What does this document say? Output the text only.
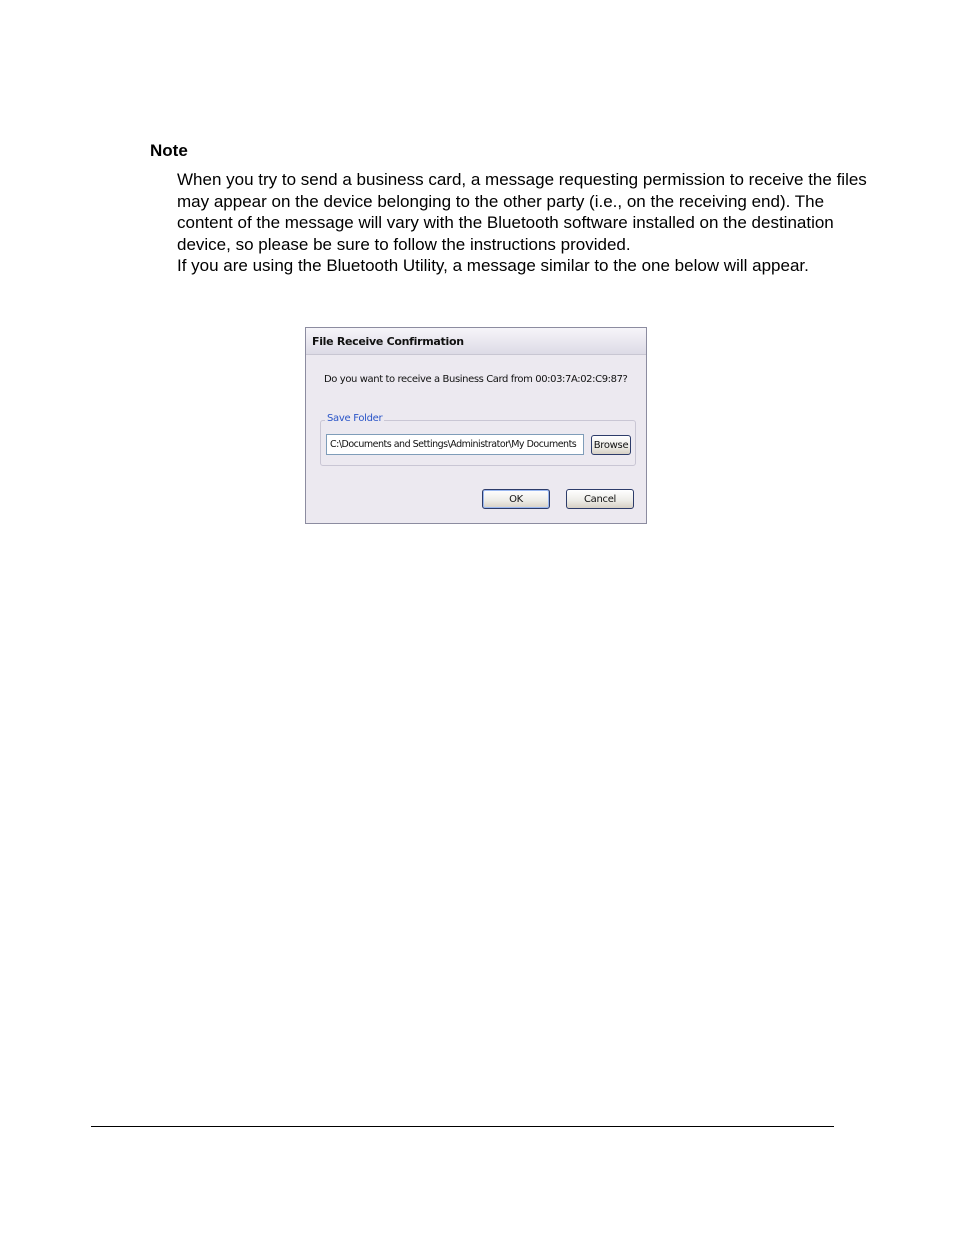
Note

When you try to send a business card, a message requesting permission to receive the files may appear on the device belonging to the other party (i.e., on the receiving end). The content of the message will vary with the Bluetooth software installed on the destination device, so please be sure to follow the instructions provided.

If you are using the Bluetooth Utility, a message similar to the one below will appear.

File Receive Confirmation
Do you want to receive a Business Card from 00:03:7A:02:C9:87?
Save Folder
C:\Documents and Settings\Administrator\My Documents
Browse
OK	Cancel
